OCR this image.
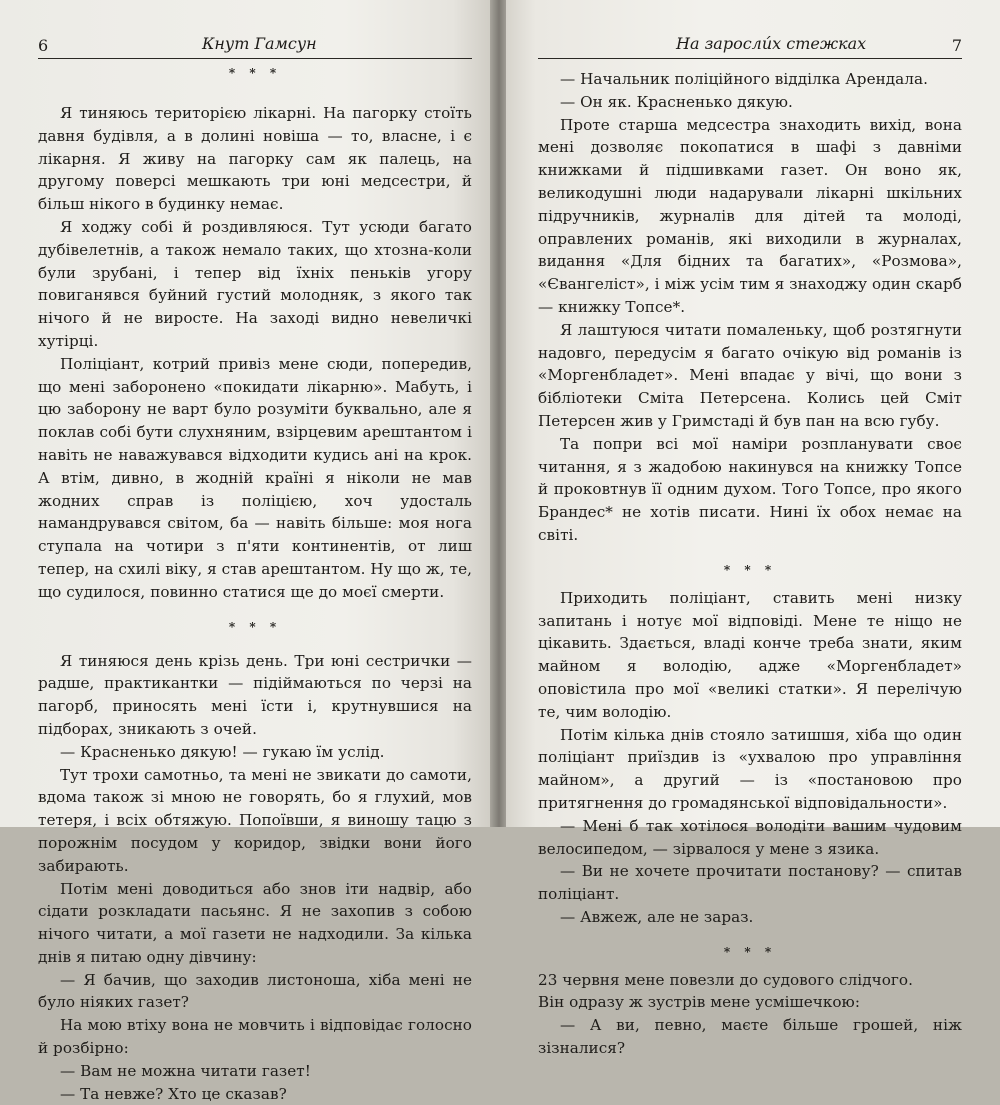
6	Кнут Гамсун
* * *

Я тиняюсь територією лікарні. На пагорку стоїть давня будівля, а в долині новіша — то, власне, і є лікарня. Я живу на пагорку сам як палець, на другому поверсі мешкають три юні медсестри, й більш нікого в будинку немає.

Я ходжу собі й роздивляюся. Тут усюди багато дубівелетнів, а також немало таких, що хтозна-коли були зрубані, і тепер від їхніх пеньків угору повиганявся буйний густий молодняк, з якого так нічого й не виросте. На заході видно невеличкі хутірці.

Поліціант, котрий привіз мене сюди, попередив, що мені заборонено «покидати лікарню». Мабуть, і цю заборону не варт було розуміти буквально, але я поклав собі бути слухняним, взірцевим арештантом і навіть не наважувався відходити кудись ані на крок. А втім, дивно, в жодній країні я ніколи не мав жодних справ із поліцією, хоч удосталь намандрувався світом, ба — навіть більше: моя нога ступала на чотири з п'яти континентів, от лиш тепер, на схилі віку, я став арештантом. Ну що ж, те, що судилося, повинно статися ще до моєї смерти.

* * *

Я тиняюся день крізь день. Три юні сестрички — радше, практикантки — підіймаються по черзі на пагорб, приносять мені їсти і, крутнувшися на підборах, зникають з очей.

— Красненько дякую! — гукаю їм услід.

Тут трохи самотньо, та мені не звикати до самоти, вдома також зі мною не говорять, бо я глухий, мов тетеря, і всіх обтяжую. Попоївши, я виношу тацю з порожнім посудом у коридор, звідки вони його забирають.

Потім мені доводиться або знов іти надвір, або сідати розкладати пасьянс. Я не захопив з собою нічого читати, а мої газети не надходили. За кілька днів я питаю одну дівчину:

— Я бачив, що заходив листоноша, хіба мені не було ніяких газет?

На мою втіху вона не мовчить і відповідає голосно й розбірно:

— Вам не можна читати газет!

— Та невже? Хто це сказав?

На заросли́х стежках	7

— Начальник поліційного відділка Арендала.

— Он як. Красненько дякую.

Проте старша медсестра знаходить вихід, вона мені дозволяє покопатися в шафі з давніми книжками й підшивками газет. Он воно як, великодушні люди надарували лікарні шкільних підручників, журналів для дітей та молоді, оправлених романів, які виходили в журналах, видання «Для бідних та багатих», «Розмова», «Євангеліст», і між усім тим я знаходжу один скарб — книжку Топсе*.

Я лаштуюся читати помаленьку, щоб розтягнути надовго, передусім я багато очікую від романів із «Моргенбладет». Мені впадає у вічі, що вони з бібліотеки Сміта Петерсена. Колись цей Сміт Петерсен жив у Гримстаді й був пан на всю губу.

Та попри всі мої наміри розпланувати своє читання, я з жадобою накинувся на книжку Топсе й проковтнув її одним духом. Того Топсе, про якого Брандес* не хотів писати. Нині їх обох немає на світі.

* * *

Приходить поліціант, ставить мені низку запитань і нотує мої відповіді. Мене те ніщо не цікавить. Здається, владі конче треба знати, яким майном я володію, адже «Моргенбладет» оповістила про мої «великі статки». Я перелічую те, чим володію.

Потім кілька днів стояло затишшя, хіба що один поліціант приїздив із «ухвалою про управління майном», а другий — із «постановою про притягнення до громадянської відповідальности».

— Мені б так хотілося володіти вашим чудовим велосипедом, — зірвалося у мене з язика.

— Ви не хочете прочитати постанову? — спитав поліціант.

— Авжеж, але не зараз.

* * *

23 червня мене повезли до судового слідчого.

Він одразу ж зустрів мене усмішечкою:

— А ви, певно, маєте більше грошей, ніж зізналися?
